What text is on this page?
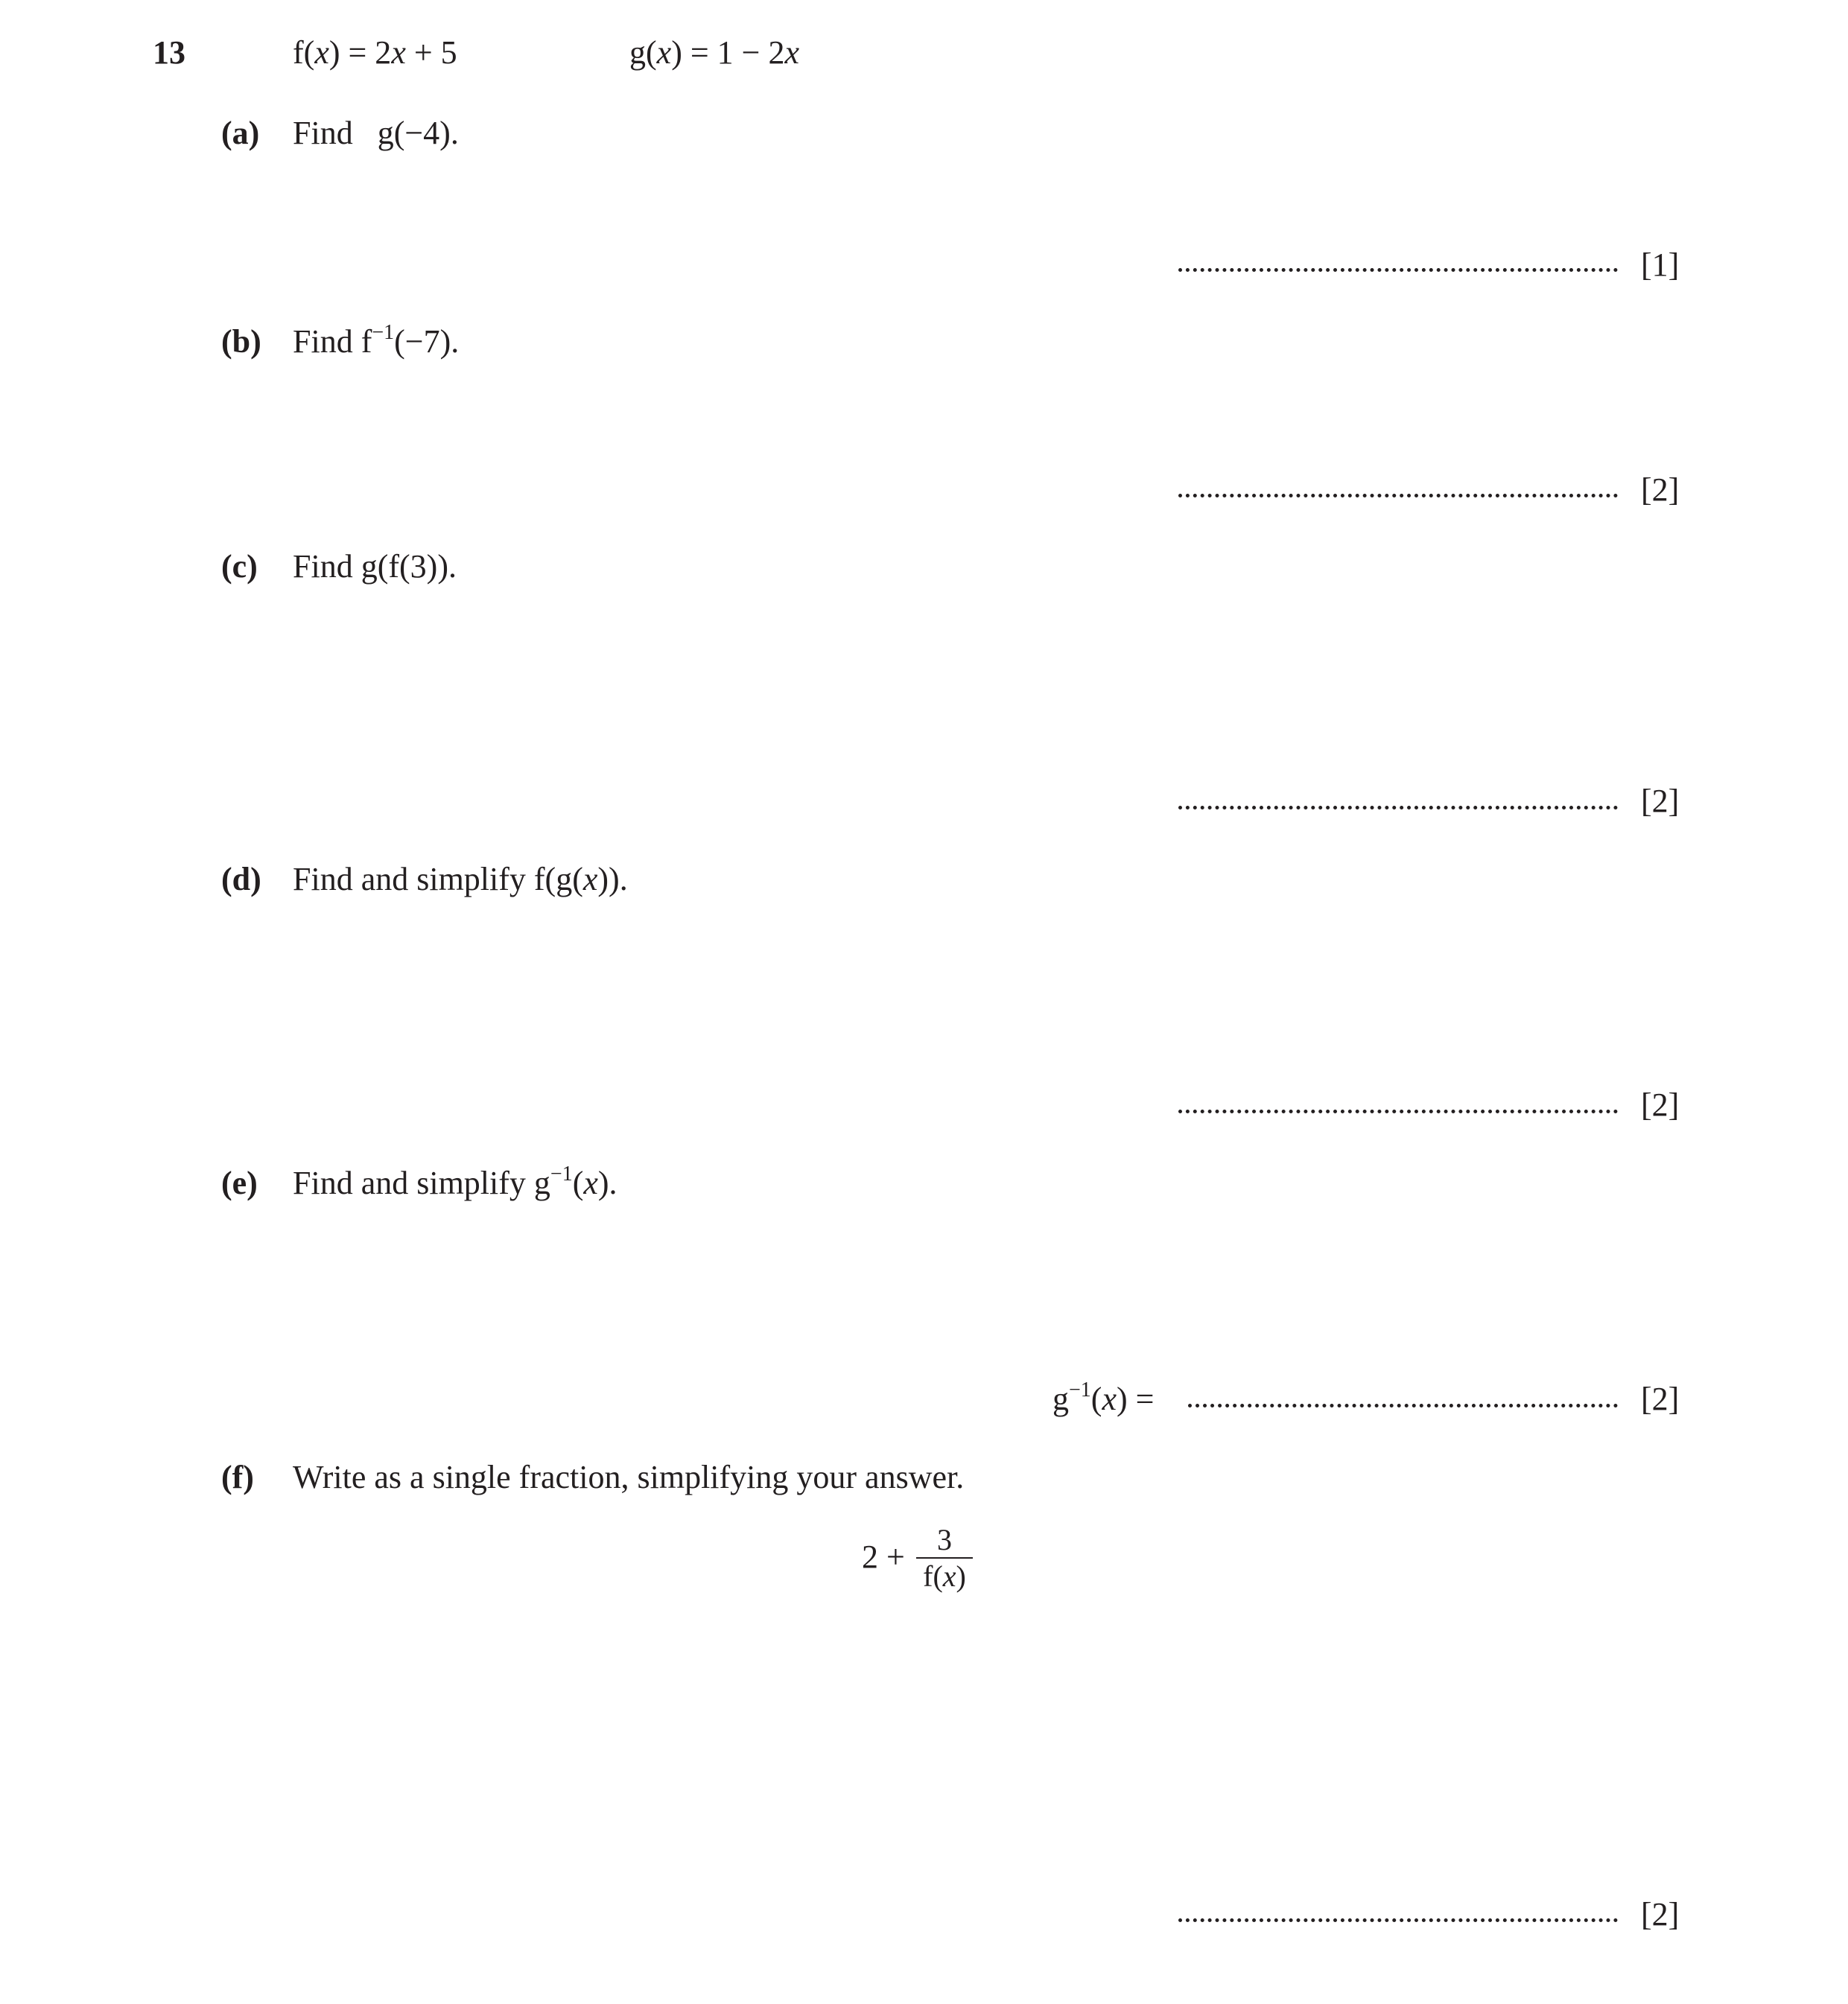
13	f(x) = 2x + 5	g(x) = 1 − 2x
(a) Find g(−4).
[1]
(b) Find $f^{-1}(-7)$.
[2]
(c) Find g(f(3)).
[2]
(d) Find and simplify f(g(x)).
[2]
(e) Find and simplify $g^{-1}(x)$.
$g^{-1}(x)$ =	[2]
(f) Write as a single fraction, simplifying your answer.
$2 + \frac{3}{f(x)}$
[2]
